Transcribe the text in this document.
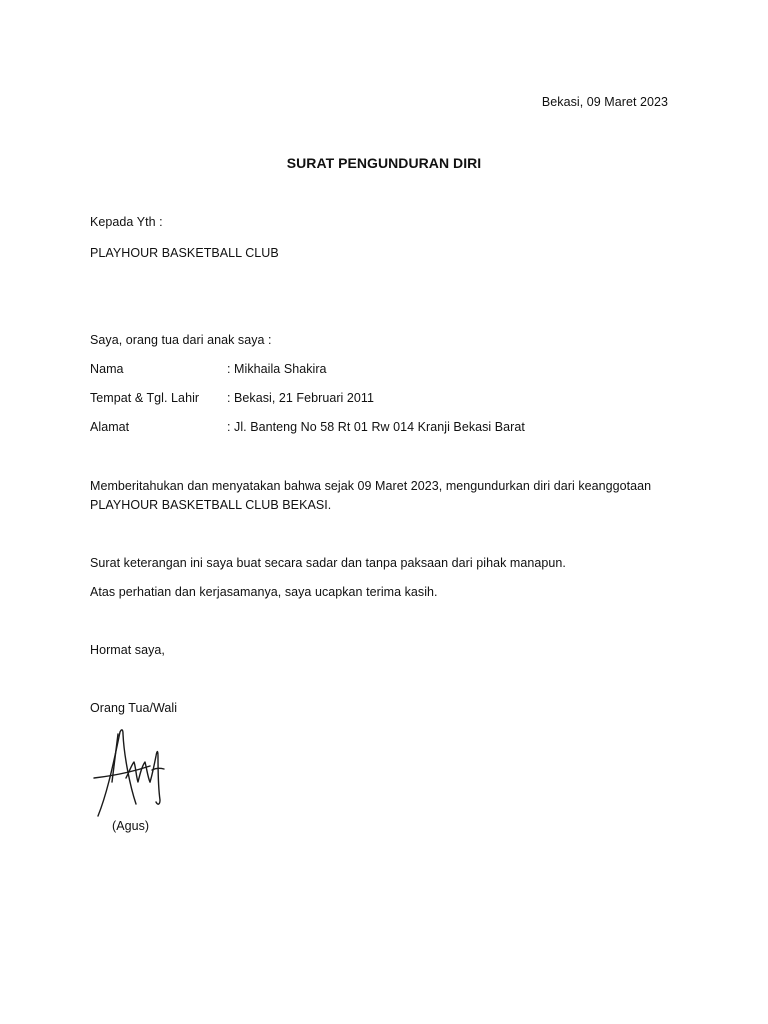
Bekasi, 09 Maret 2023
SURAT PENGUNDURAN DIRI
Kepada Yth :
PLAYHOUR BASKETBALL CLUB
Saya, orang tua dari anak saya :
Nama	: Mikhaila Shakira
Tempat & Tgl. Lahir : Bekasi, 21 Februari 2011
Alamat	: Jl. Banteng No 58 Rt 01 Rw 014 Kranji Bekasi Barat
Memberitahukan dan menyatakan bahwa sejak 09 Maret 2023, mengundurkan diri dari keanggotaan
PLAYHOUR BASKETBALL CLUB BEKASI.
Surat keterangan ini saya buat secara sadar dan tanpa paksaan dari pihak manapun.
Atas perhatian dan kerjasamanya, saya ucapkan terima kasih.
Hormat saya,
Orang Tua/Wali
(Agus)
